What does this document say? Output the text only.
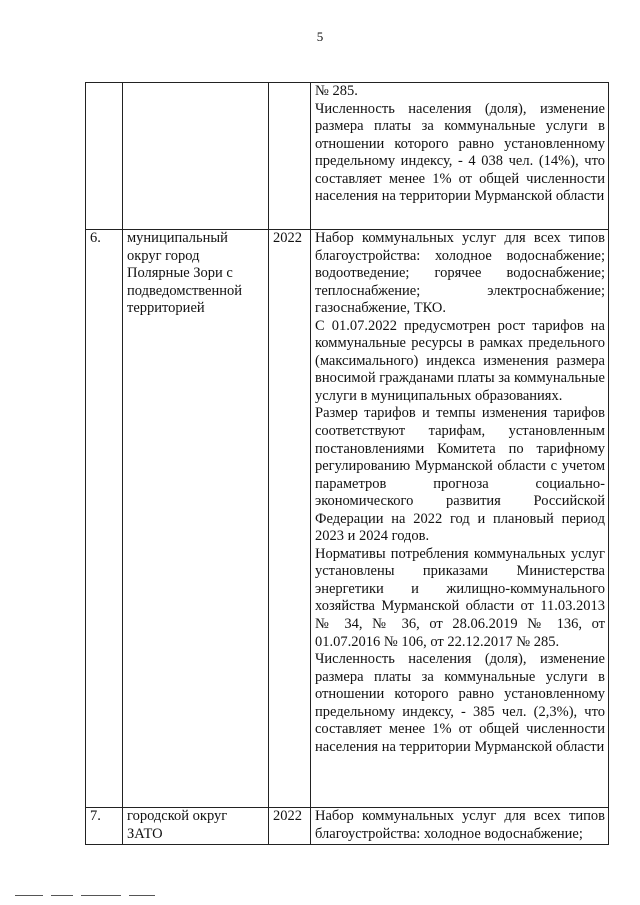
5

			№ 285.

Численность населения (доля), изменение размера платы за коммунальные услуги в отношении которого равно установленному предельному индексу, - 4 038 чел. (14%), что составляет менее 1% от общей численности населения на территории Мурманской области

6.	муниципальный округ город Полярные Зори с подведомственной территорией	2022	Набор коммунальных услуг для всех типов благоустройства: холодное водоснабжение; водоотведение; горячее водоснабжение; теплоснабжение; электроснабжение; газоснабжение, ТКО.

С 01.07.2022 предусмотрен рост тарифов на коммунальные ресурсы в рамках предельного (максимального) индекса изменения размера вносимой гражданами платы за коммунальные услуги в муниципальных образованиях.

Размер тарифов и темпы изменения тарифов соответствуют тарифам, установленным постановлениями Комитета по тарифному регулированию Мурманской области с учетом параметров прогноза социально-экономического развития Российской Федерации на 2022 год и плановый период 2023 и 2024 годов.

Нормативы потребления коммунальных услуг установлены приказами Министерства энергетики и жилищно-коммунального хозяйства Мурманской области от 11.03.2013 № 34, № 36, от 28.06.2019 № 136, от 01.07.2016 № 106, от 22.12.2017 № 285.

Численность населения (доля), изменение размера платы за коммунальные услуги в отношении которого равно установленному предельному индексу, - 385 чел. (2,3%), что составляет менее 1% от общей численности населения на территории Мурманской области

7.	городской округ ЗАТО	2022	Набор коммунальных услуг для всех типов благоустройства: холодное водоснабжение;
